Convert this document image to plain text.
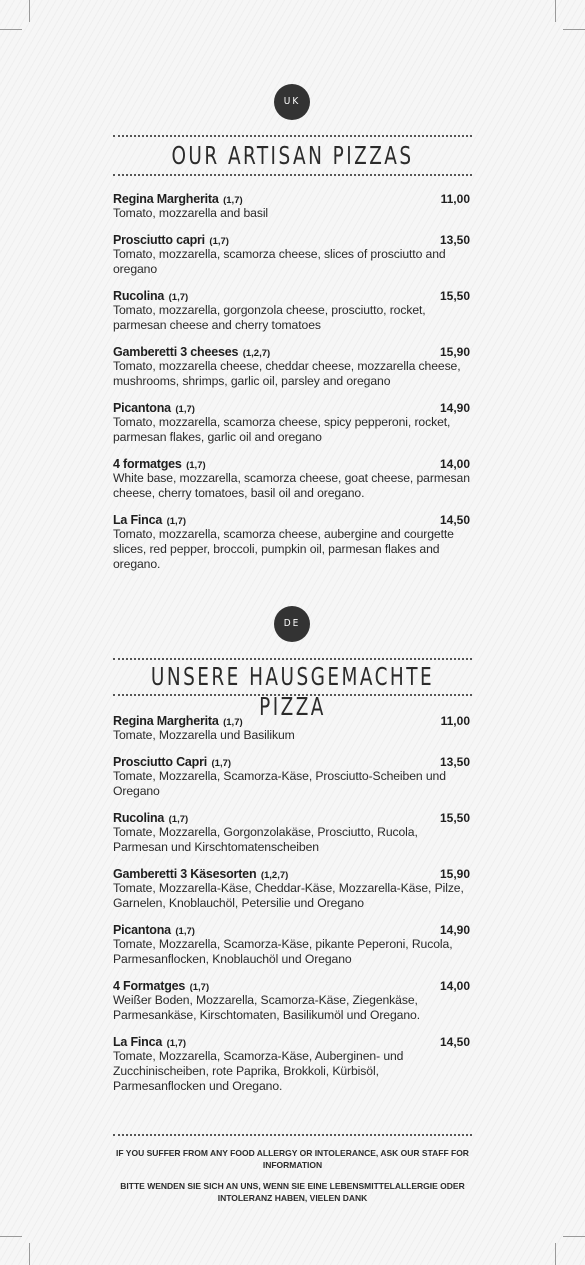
UK
OUR ARTISAN PIZZAS
Regina Margherita (1,7)	11,00
Tomato, mozzarella and basil
Prosciutto capri (1,7)	13,50
Tomato, mozzarella, scamorza cheese, slices of prosciutto and oregano
Rucolina (1,7)	15,50
Tomato, mozzarella, gorgonzola cheese, prosciutto, rocket, parmesan cheese and cherry tomatoes
Gamberetti 3 cheeses (1,2,7)	15,90
Tomato, mozzarella cheese, cheddar cheese, mozzarella cheese, mushrooms, shrimps, garlic oil, parsley and oregano
Picantona (1,7)	14,90
Tomato, mozzarella, scamorza cheese, spicy pepperoni, rocket, parmesan flakes, garlic oil and oregano
4 formatges (1,7)	14,00
White base, mozzarella, scamorza cheese, goat cheese, parmesan cheese, cherry tomatoes, basil oil and oregano.
La Finca (1,7)	14,50
Tomato, mozzarella, scamorza cheese, aubergine and courgette slices, red pepper, broccoli, pumpkin oil, parmesan flakes and oregano.
DE
UNSERE HAUSGEMACHTE PIZZA
Regina Margherita (1,7)	11,00
Tomate, Mozzarella und Basilikum
Prosciutto Capri (1,7)	13,50
Tomate, Mozzarella, Scamorza-Käse, Prosciutto-Scheiben und Oregano
Rucolina (1,7)	15,50
Tomate, Mozzarella, Gorgonzolakäse, Prosciutto, Rucola, Parmesan und Kirschtomatenscheiben
Gamberetti 3 Käsesorten (1,2,7)	15,90
Tomate, Mozzarella-Käse, Cheddar-Käse, Mozzarella-Käse, Pilze, Garnelen, Knoblauchöl, Petersilie und Oregano
Picantona (1,7)	14,90
Tomate, Mozzarella, Scamorza-Käse, pikante Peperoni, Rucola, Parmesanflocken, Knoblauchöl und Oregano
4 Formatges (1,7)	14,00
Weißer Boden, Mozzarella, Scamorza-Käse, Ziegenkäse, Parmesankäse, Kirschtomaten, Basilikumöl und Oregano.
La Finca (1,7)	14,50
Tomate, Mozzarella, Scamorza-Käse, Auberginen- und Zucchinischeiben, rote Paprika, Brokkoli, Kürbisöl, Parmesanflocken und Oregano.
IF YOU SUFFER FROM ANY FOOD ALLERGY OR INTOLERANCE, ASK OUR STAFF FOR INFORMATION
BITTE WENDEN SIE SICH AN UNS, WENN SIE EINE LEBENSMITTELALLERGIE ODER INTOLERANZ HABEN, VIELEN DANK
